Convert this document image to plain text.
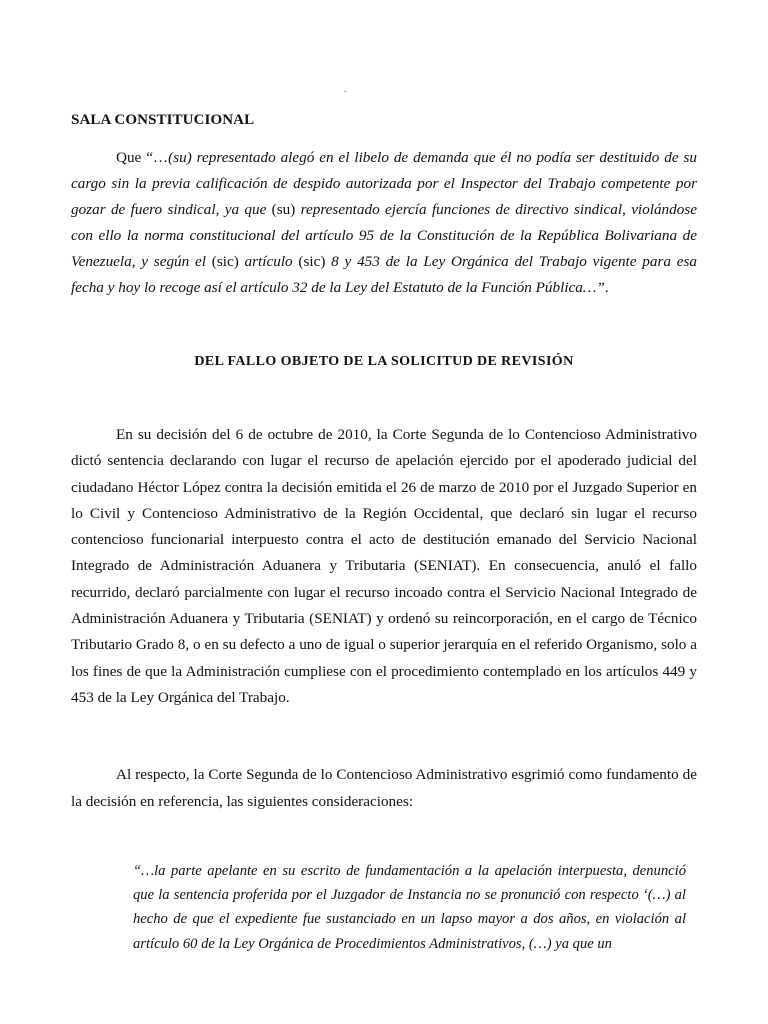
.
SALA CONSTITUCIONAL
Que “…(su) representado alegó en el libelo de demanda que él no podía ser destituido de su cargo sin la previa calificación de despido autorizada por el Inspector del Trabajo competente por gozar de fuero sindical, ya que (su) representado ejercía funciones de directivo sindical, violándose con ello la norma constitucional del artículo 95 de la Constitución de la República Bolivariana de Venezuela, y según el (sic) artículo (sic) 8 y 453 de la Ley Orgánica del Trabajo vigente para esa fecha y hoy lo recoge así el artículo 32 de la Ley del Estatuto de la Función Pública…”.
DEL FALLO OBJETO DE LA SOLICITUD DE REVISIÓN
En su decisión del 6 de octubre de 2010, la Corte Segunda de lo Contencioso Administrativo dictó sentencia declarando con lugar el recurso de apelación ejercido por el apoderado judicial del ciudadano Héctor López contra la decisión emitida el 26 de marzo de 2010 por el Juzgado Superior en lo Civil y Contencioso Administrativo de la Región Occidental, que declaró sin lugar el recurso contencioso funcionarial interpuesto contra el acto de destitución emanado del Servicio Nacional Integrado de Administración Aduanera y Tributaria (SENIAT). En consecuencia, anuló el fallo recurrido, declaró parcialmente con lugar el recurso incoado contra el Servicio Nacional Integrado de Administración Aduanera y Tributaria (SENIAT) y ordenó su reincorporación, en el cargo de Técnico Tributario Grado 8, o en su defecto a uno de igual o superior jerarquía en el referido Organismo, solo a los fines de que la Administración cumpliese con el procedimiento contemplado en los artículos 449 y 453 de la Ley Orgánica del Trabajo.
Al respecto, la Corte Segunda de lo Contencioso Administrativo esgrimió como fundamento de la decisión en referencia, las siguientes consideraciones:
“…la parte apelante en su escrito de fundamentación a la apelación interpuesta, denunció que la sentencia proferida por el Juzgador de Instancia no se pronunció con respecto ‘(…) al hecho de que el expediente fue sustanciado en un lapso mayor a dos años, en violación al artículo 60 de la Ley Orgánica de Procedimientos Administrativos, (…) ya que un
